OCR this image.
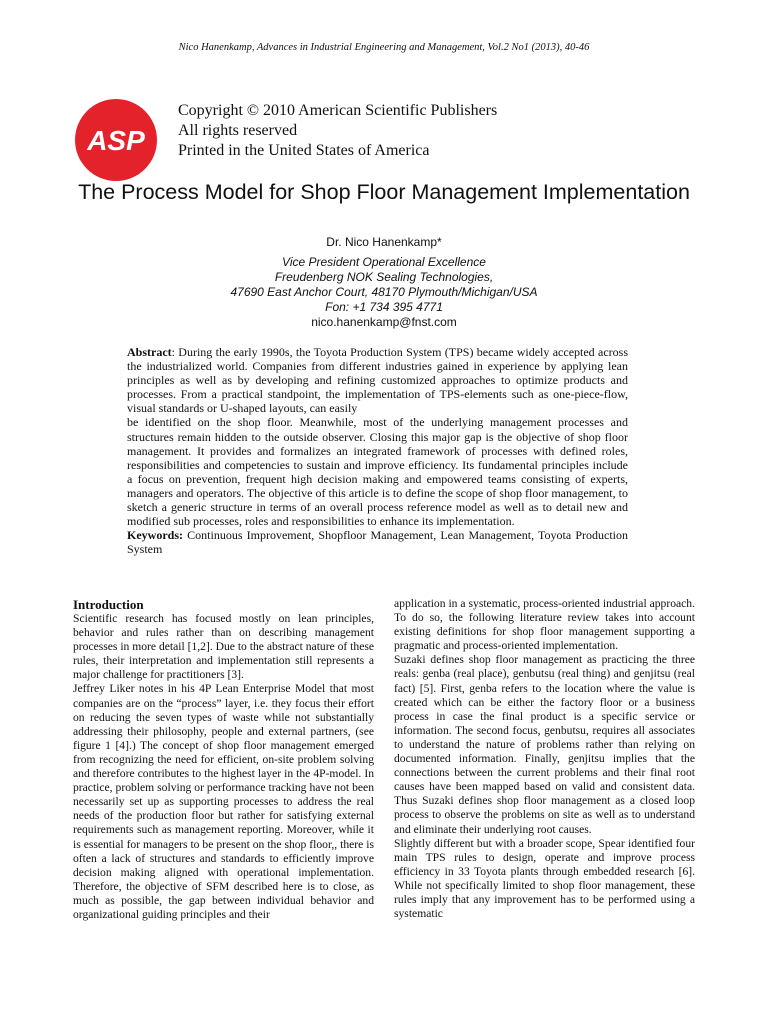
Nico Hanenkamp, Advances in Industrial Engineering and Management, Vol.2 No1 (2013), 40-46
ASP
Copyright © 2010 American Scientific Publishers
All rights reserved
Printed in the United States of America
The Process Model for Shop Floor Management Implementation
Dr. Nico Hanenkamp*
Vice President Operational Excellence
Freudenberg NOK Sealing Technologies,
47690 East Anchor Court, 48170 Plymouth/Michigan/USA
Fon: +1 734 395 4771
nico.hanenkamp@fnst.com

Abstract: During the early 1990s, the Toyota Production System (TPS) became widely accepted across the industrialized world. Companies from different industries gained in experience by applying lean principles as well as by developing and refining customized approaches to optimize products and processes. From a practical standpoint, the implementation of TPS-elements such as one-piece-flow, visual standards or U-shaped layouts, can easily

be identified on the shop floor. Meanwhile, most of the underlying management processes and structures remain hidden to the outside observer. Closing this major gap is the objective of shop floor management. It provides and formalizes an integrated framework of processes with defined roles, responsibilities and competencies to sustain and improve efficiency. Its fundamental principles include a focus on prevention, frequent high decision making and empowered teams consisting of experts, managers and operators. The objective of this article is to define the scope of shop floor management, to sketch a generic structure in terms of an overall process reference model as well as to detail new and modified sub processes, roles and responsibilities to enhance its implementation.

Keywords: Continuous Improvement, Shopfloor Management, Lean Management, Toyota Production System

Introduction

Scientific research has focused mostly on lean principles, behavior and rules rather than on describing management processes in more detail [1,2]. Due to the abstract nature of these rules, their interpretation and implementation still represents a major challenge for practitioners [3].

Jeffrey Liker notes in his 4P Lean Enterprise Model that most companies are on the “process” layer, i.e. they focus their effort on reducing the seven types of waste while not substantially addressing their philosophy, people and external partners, (see figure 1 [4].) The concept of shop floor management emerged from recognizing the need for efficient, on-site problem solving and therefore contributes to the highest layer in the 4P-model. In practice, problem solving or performance tracking have not been necessarily set up as supporting processes to address the real needs of the production floor but rather for satisfying external requirements such as management reporting. Moreover, while it is essential for managers to be present on the shop floor,, there is often a lack of structures and standards to efficiently improve decision making aligned with operational implementation. Therefore, the objective of SFM described here is to close, as much as possible, the gap between individual behavior and organizational guiding principles and their

application in a systematic, process-oriented industrial approach. To do so, the following literature review takes into account existing definitions for shop floor management supporting a pragmatic and process-oriented implementation.

Suzaki defines shop floor management as practicing the three reals: genba (real place), genbutsu (real thing) and genjitsu (real fact) [5]. First, genba refers to the location where the value is created which can be either the factory floor or a business process in case the final product is a specific service or information. The second focus, genbutsu, requires all associates to understand the nature of problems rather than relying on documented information. Finally, genjitsu implies that the connections between the current problems and their final root causes have been mapped based on valid and consistent data. Thus Suzaki defines shop floor management as a closed loop process to observe the problems on site as well as to understand and eliminate their underlying root causes.

Slightly different but with a broader scope, Spear identified four main TPS rules to design, operate and improve process efficiency in 33 Toyota plants through embedded research [6]. While not specifically limited to shop floor management, these rules imply that any improvement has to be performed using a systematic
